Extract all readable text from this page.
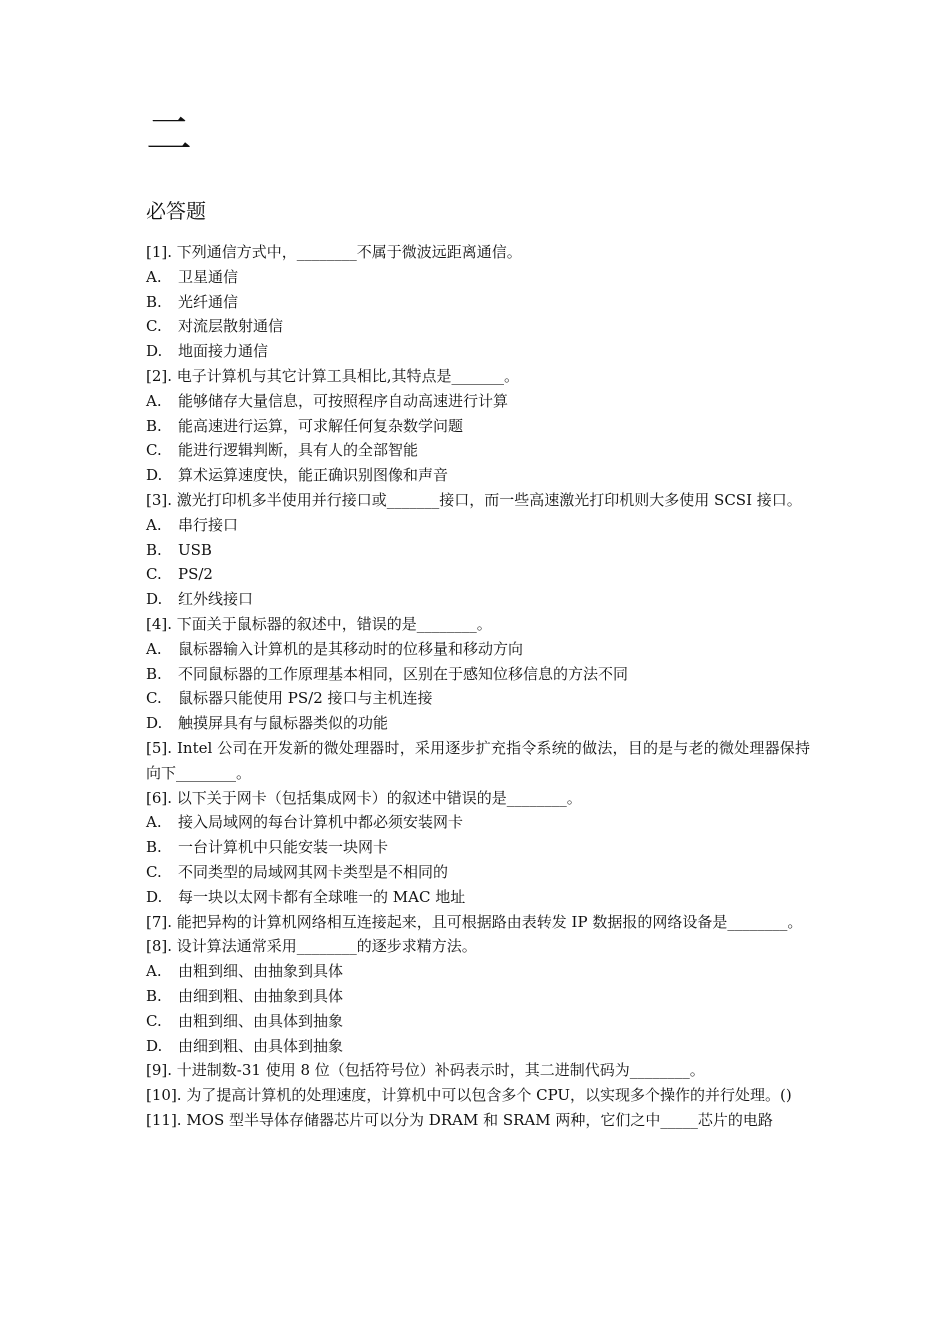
二
必答题

[1]. 下列通信方式中，________不属于微波远距离通信。

A.	卫星通信
B.	光纤通信
C.	对流层散射通信
D.	地面接力通信

[2]. 电子计算机与其它计算工具相比,其特点是_______。

A.	能够储存大量信息，可按照程序自动高速进行计算
B.	能高速进行运算，可求解任何复杂数学问题
C.	能进行逻辑判断，具有人的全部智能
D.	算术运算速度快，能正确识别图像和声音

[3]. 激光打印机多半使用并行接口或_______接口，而一些高速激光打印机则大多使用 SCSI 接口。

A.	串行接口
B.	USB
C.	PS/2
D.	红外线接口

[4]. 下面关于鼠标器的叙述中，错误的是________。

A.	鼠标器输入计算机的是其移动时的位移量和移动方向
B.	不同鼠标器的工作原理基本相同，区别在于感知位移信息的方法不同
C.	鼠标器只能使用 PS/2 接口与主机连接
D.	触摸屏具有与鼠标器类似的功能

[5]. Intel 公司在开发新的微处理器时，采用逐步扩充指令系统的做法，目的是与老的微处理器保持向下________。

[6]. 以下关于网卡（包括集成网卡）的叙述中错误的是________。

A.	接入局域网的每台计算机中都必须安装网卡
B.	一台计算机中只能安装一块网卡
C.	不同类型的局域网其网卡类型是不相同的
D.	每一块以太网卡都有全球唯一的 MAC 地址

[7]. 能把异构的计算机网络相互连接起来，且可根据路由表转发 IP 数据报的网络设备是________。

[8]. 设计算法通常采用________的逐步求精方法。

A.	由粗到细、由抽象到具体
B.	由细到粗、由抽象到具体
C.	由粗到细、由具体到抽象
D.	由细到粗、由具体到抽象

[9]. 十进制数-31 使用 8 位（包括符号位）补码表示时，其二进制代码为________。

[10]. 为了提高计算机的处理速度，计算机中可以包含多个 CPU，以实现多个操作的并行处理。()

[11]. MOS 型半导体存储器芯片可以分为 DRAM 和 SRAM 两种，它们之中_____芯片的电路
